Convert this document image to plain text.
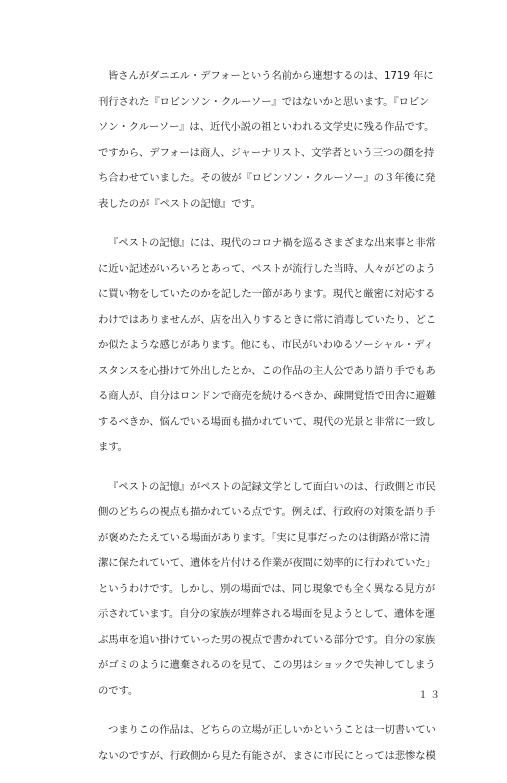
皆さんがダニエル・デフォーという名前から連想するのは、1719 年に
刊行された『ロビンソン・クルーソー』ではないかと思います。『ロビン
ソン・クルーソー』は、近代小説の祖といわれる文学史に残る作品です。
ですから、デフォーは商人、ジャーナリスト、文学者という三つの顔を持
ち合わせていました。その彼が『ロビンソン・クルーソー』の３年後に発
表したのが『ペストの記憶』です。
『ペストの記憶』には、現代のコロナ禍を巡るさまざまな出来事と非常
に近い記述がいろいろとあって、ペストが流行した当時、人々がどのよう
に買い物をしていたのかを記した一節があります。現代と厳密に対応する
わけではありませんが、店を出入りするときに常に消毒していたり、どこ
か似たような感じがあります。他にも、市民がいわゆるソーシャル・ディ
スタンスを心掛けて外出したとか、この作品の主人公であり語り手でもあ
る商人が、自分はロンドンで商売を続けるべきか、疎開覚悟で田舎に避難
するべきか、悩んでいる場面も描かれていて、現代の光景と非常に一致し
ます。
『ペストの記憶』がペストの記録文学として面白いのは、行政側と市民
側のどちらの視点も描かれている点です。例えば、行政府の対策を語り手
が褒めたたえている場面があります。「実に見事だったのは街路が常に清
潔に保たれていて、遺体を片付ける作業が夜間に効率的に行われていた」
というわけです。しかし、別の場面では、同じ現象でも全く異なる見方が
示されています。自分の家族が埋葬される場面を見ようとして、遺体を運
ぶ馬車を追い掛けていった男の視点で書かれている部分です。自分の家族
がゴミのように遺棄されるのを見て、この男はショックで失神してしまう
のです。
つまりこの作品は、どちらの立場が正しいかということは一切書いてい
ないのですが、行政側から見た有能さが、まさに市民にとっては悲惨な模
１３
